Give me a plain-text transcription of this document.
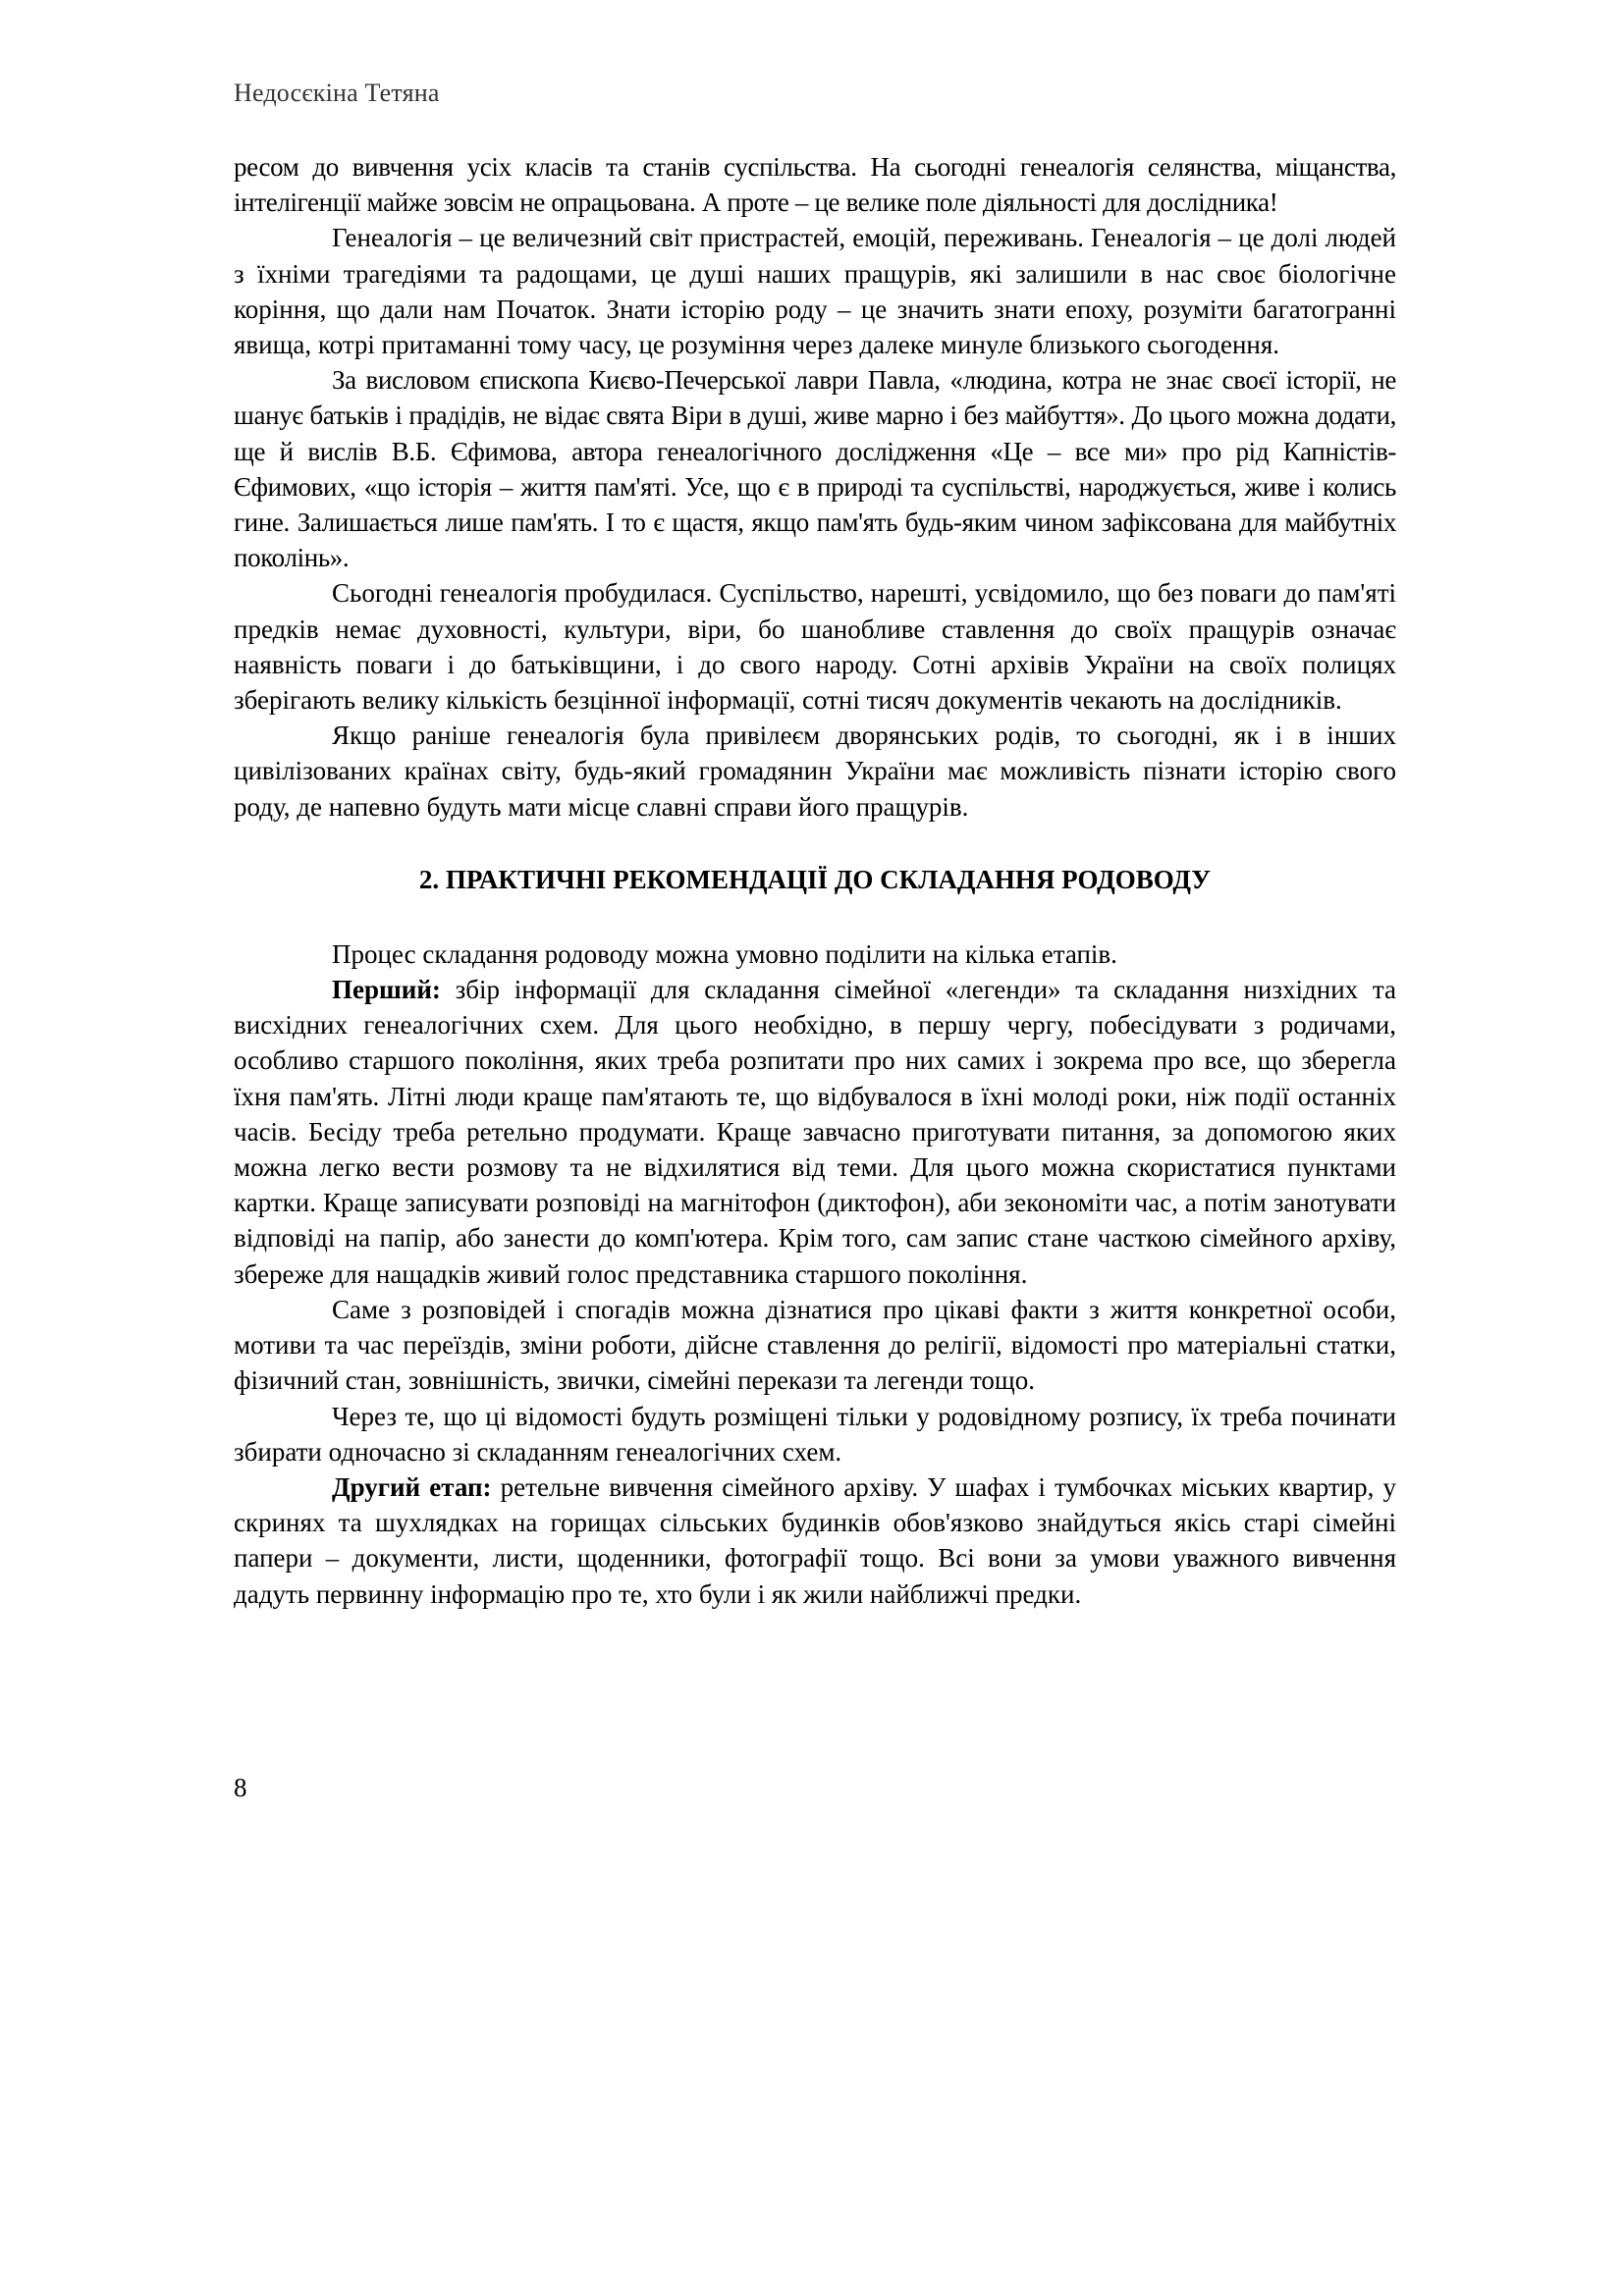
Недосєкіна Тетяна

ресом до вивчення усіх класів та станів суспільства. На сьогодні генеалогія селянства, міщанства, інтелігенції майже зовсім не опрацьована. А проте – це велике поле діяльності для дослідника!

Генеалогія – це величезний світ пристрастей, емоцій, переживань. Генеалогія – це долі людей з їхніми трагедіями та радощами, це душі наших пращурів, які залишили в нас своє біологічне коріння, що дали нам Початок. Знати історію роду – це значить знати епоху, розуміти багатогранні явища, котрі притаманні тому часу, це розуміння через далеке минуле близького сьогодення.

За висловом єпископа Києво-Печерської лаври Павла, «людина, котра не знає своєї історії, не шанує батьків і прадідів, не відає свята Віри в душі, живе марно і без майбуття». До цього можна додати, ще й вислів В.Б. Єфимова, автора генеалогічного дослідження «Це – все ми» про рід Капністів-Єфимових, «що історія – життя пам'яті. Усе, що є в природі та суспільстві, народжується, живе і колись гине. Залишається лише пам'ять. І то є щастя, якщо пам'ять будь-яким чином зафіксована для майбутніх поколінь».

Сьогодні генеалогія пробудилася. Суспільство, нарешті, усвідомило, що без поваги до пам'яті предків немає духовності, культури, віри, бо шанобливе ставлення до своїх пращурів означає наявність поваги і до батьківщини, і до свого народу. Сотні архівів України на своїх полицях зберігають велику кількість безцінної інформації, сотні тисяч документів чекають на дослідників.

Якщо раніше генеалогія була привілеєм дворянських родів, то сьогодні, як і в інших цивілізованих країнах світу, будь-який громадянин України має можливість пізнати історію свого роду, де напевно будуть мати місце славні справи його пращурів.

2. ПРАКТИЧНІ РЕКОМЕНДАЦІЇ ДО СКЛАДАННЯ РОДОВОДУ

Процес складання родоводу можна умовно поділити на кілька етапів.

Перший: збір інформації для складання сімейної «легенди» та складання низхідних та висхідних генеалогічних схем. Для цього необхідно, в першу чергу, побесідувати з родичами, особливо старшого покоління, яких треба розпитати про них самих і зокрема про все, що зберегла їхня пам'ять. Літні люди краще пам'ятають те, що відбувалося в їхні молоді роки, ніж події останніх часів. Бесіду треба ретельно продумати. Краще завчасно приготувати питання, за допомогою яких можна легко вести розмову та не відхилятися від теми. Для цього можна скористатися пунктами картки. Краще записувати розповіді на магнітофон (диктофон), аби зекономіти час, а потім занотувати відповіді на папір, або занести до комп'ютера. Крім того, сам запис стане часткою сімейного архіву, збереже для нащадків живий голос представника старшого покоління.

Саме з розповідей і спогадів можна дізнатися про цікаві факти з життя конкретної особи, мотиви та час переїздів, зміни роботи, дійсне ставлення до релігії, відомості про матеріальні статки, фізичний стан, зовнішність, звички, сімейні перекази та легенди тощо.

Через те, що ці відомості будуть розміщені тільки у родовідному розпису, їх треба починати збирати одночасно зі складанням генеалогічних схем.

Другий етап: ретельне вивчення сімейного архіву. У шафах і тумбочках міських квартир, у скринях та шухлядках на горищах сільських будинків обов'язково знайдуться якісь старі сімейні папери – документи, листи, щоденники, фотографії тощо. Всі вони за умови уважного вивчення дадуть первинну інформацію про те, хто були і як жили найближчі предки.

8
